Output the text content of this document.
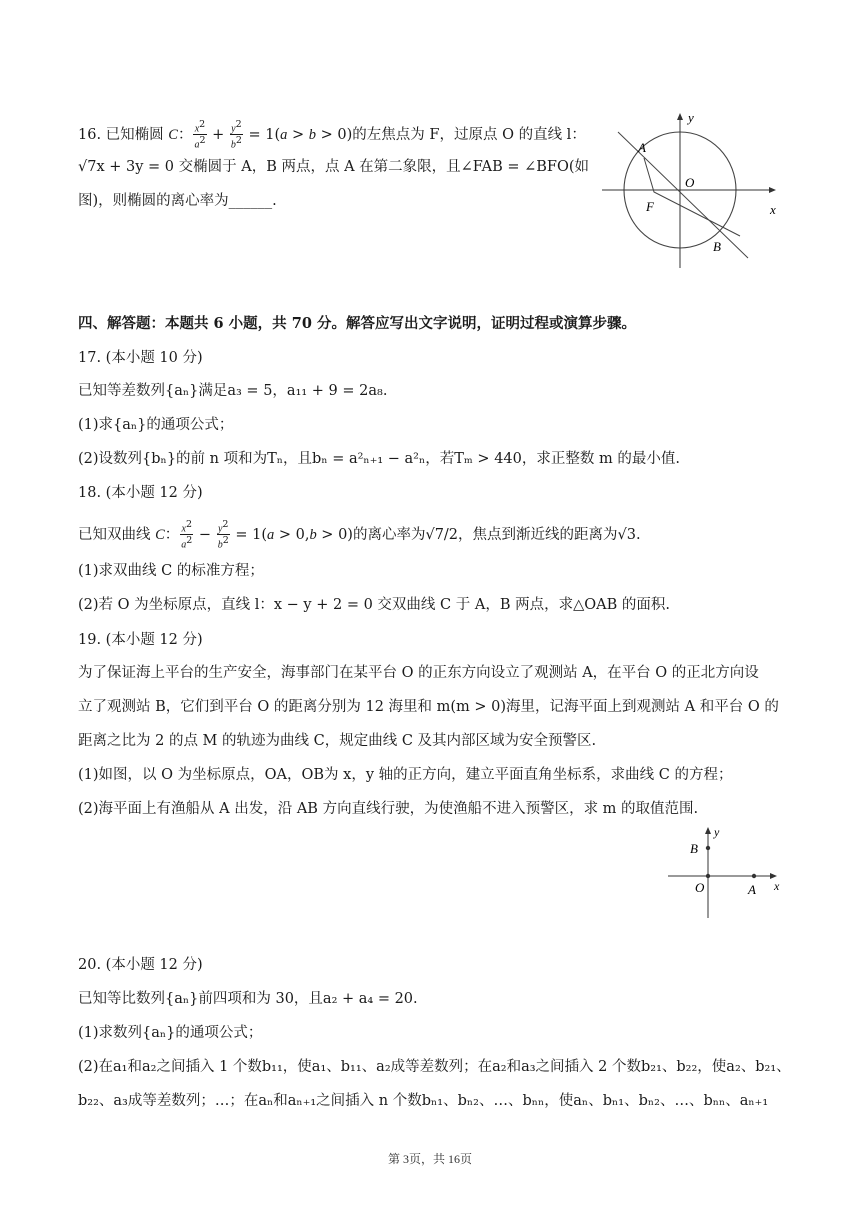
16. 已知椭圆 C： $\frac{x^2}{a^2} + \frac{y^2}{b^2} = 1(a > b > 0)$的左焦点为 F，过原点 O 的直线 l：
√7x + 3y = 0 交椭圆于 A，B 两点，点 A 在第二象限，且∠FAB = ∠BFO(如
图)，则椭圆的离心率为______.
y
x
A
O
F
B
四、解答题：本题共 6 小题，共 70 分。解答应写出文字说明，证明过程或演算步骤。
17. (本小题 10 分)
已知等差数列{aₙ}满足a₃ = 5，a₁₁ + 9 = 2a₈.
(1)求{aₙ}的通项公式；
(2)设数列{bₙ}的前 n 项和为Tₙ，且bₙ = a²ₙ₊₁ − a²ₙ，若Tₘ > 440，求正整数 m 的最小值.
18. (本小题 12 分)
已知双曲线 C： $\frac{x^2}{a^2} - \frac{y^2}{b^2} = 1(a > 0,b > 0)$的离心率为√7/2，焦点到渐近线的距离为√3.
(1)求双曲线 C 的标准方程；
(2)若 O 为坐标原点，直线 l：x − y + 2 = 0 交双曲线 C 于 A，B 两点，求△OAB 的面积.
19. (本小题 12 分)
为了保证海上平台的生产安全，海事部门在某平台 O 的正东方向设立了观测站 A，在平台 O 的正北方向设
立了观测站 B，它们到平台 O 的距离分别为 12 海里和 m(m > 0)海里，记海平面上到观测站 A 和平台 O 的
距离之比为 2 的点 M 的轨迹为曲线 C，规定曲线 C 及其内部区域为安全预警区.
(1)如图，以 O 为坐标原点，OA，OB为 x，y 轴的正方向，建立平面直角坐标系，求曲线 C 的方程；
(2)海平面上有渔船从 A 出发，沿 AB 方向直线行驶，为使渔船不进入预警区，求 m 的取值范围.
y
x
B
O	A
20. (本小题 12 分)
已知等比数列{aₙ}前四项和为 30，且a₂ + a₄ = 20.
(1)求数列{aₙ}的通项公式；
(2)在a₁和a₂之间插入 1 个数b₁₁，使a₁、b₁₁、a₂成等差数列；在a₂和a₃之间插入 2 个数b₂₁、b₂₂，使a₂、b₂₁、
b₂₂、a₃成等差数列；…；在aₙ和aₙ₊₁之间插入 n 个数bₙ₁、bₙ₂、…、bₙₙ，使aₙ、bₙ₁、bₙ₂、…、bₙₙ、aₙ₊₁
第 3页，共 16页
